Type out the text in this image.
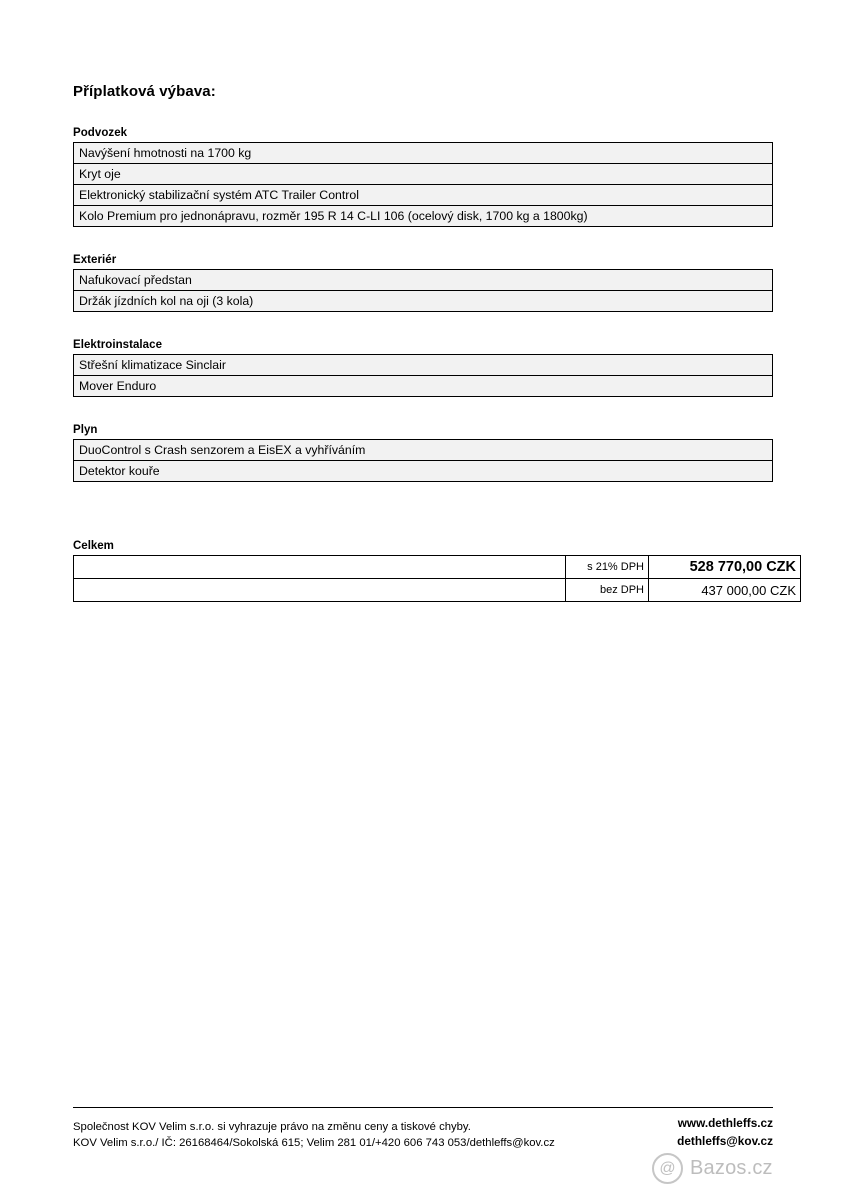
Příplatková výbava:
Podvozek
Navýšení hmotnosti na 1700 kg
Kryt oje
Elektronický stabilizační systém ATC Trailer Control
Kolo Premium pro jednonápravu, rozměr 195 R 14 C-LI 106 (ocelový disk, 1700 kg a 1800kg)
Exteriér
Nafukovací předstan
Držák jízdních kol na oji (3 kola)
Elektroinstalace
Střešní klimatizace Sinclair
Mover Enduro
Plyn
DuoControl s Crash senzorem a EisEX a vyhříváním
Detektor kouře
Celkem
	s 21% DPH	528 770,00 CZK
	bez DPH	437 000,00 CZK
Společnost KOV Velim s.r.o. si vyhrazuje právo na změnu ceny a tiskové chyby.
KOV Velim s.r.o./ IČ: 26168464/Sokolská 615; Velim 281 01/+420 606 743 053/dethleffs@kov.cz
www.dethleffs.cz
dethleffs@kov.cz
@ Bazos.cz
